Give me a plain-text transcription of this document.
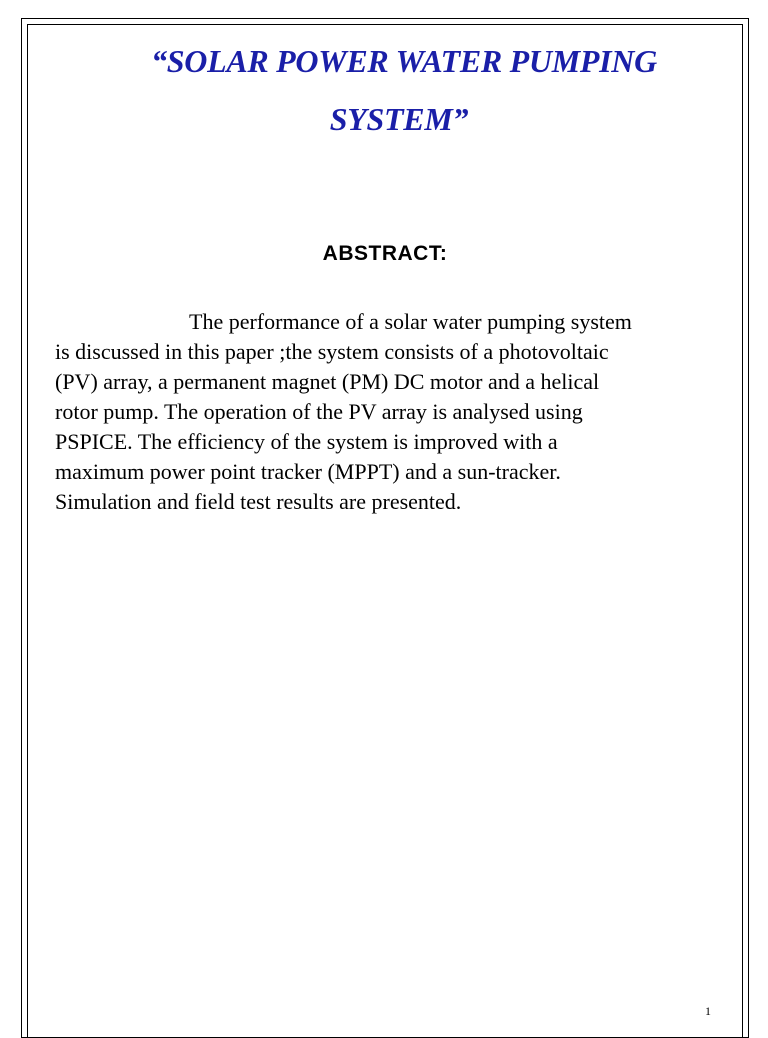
“SOLAR POWER WATER PUMPING
SYSTEM”
ABSTRACT:
The performance of a solar water pumping system
is discussed in this paper ;the system consists of a photovoltaic
(PV) array, a permanent magnet (PM) DC motor and a helical
rotor pump. The operation of the PV array is analysed using
PSPICE. The efficiency of the system is improved with a
maximum power point tracker (MPPT) and a sun-tracker.
Simulation and field test results are presented.
1
